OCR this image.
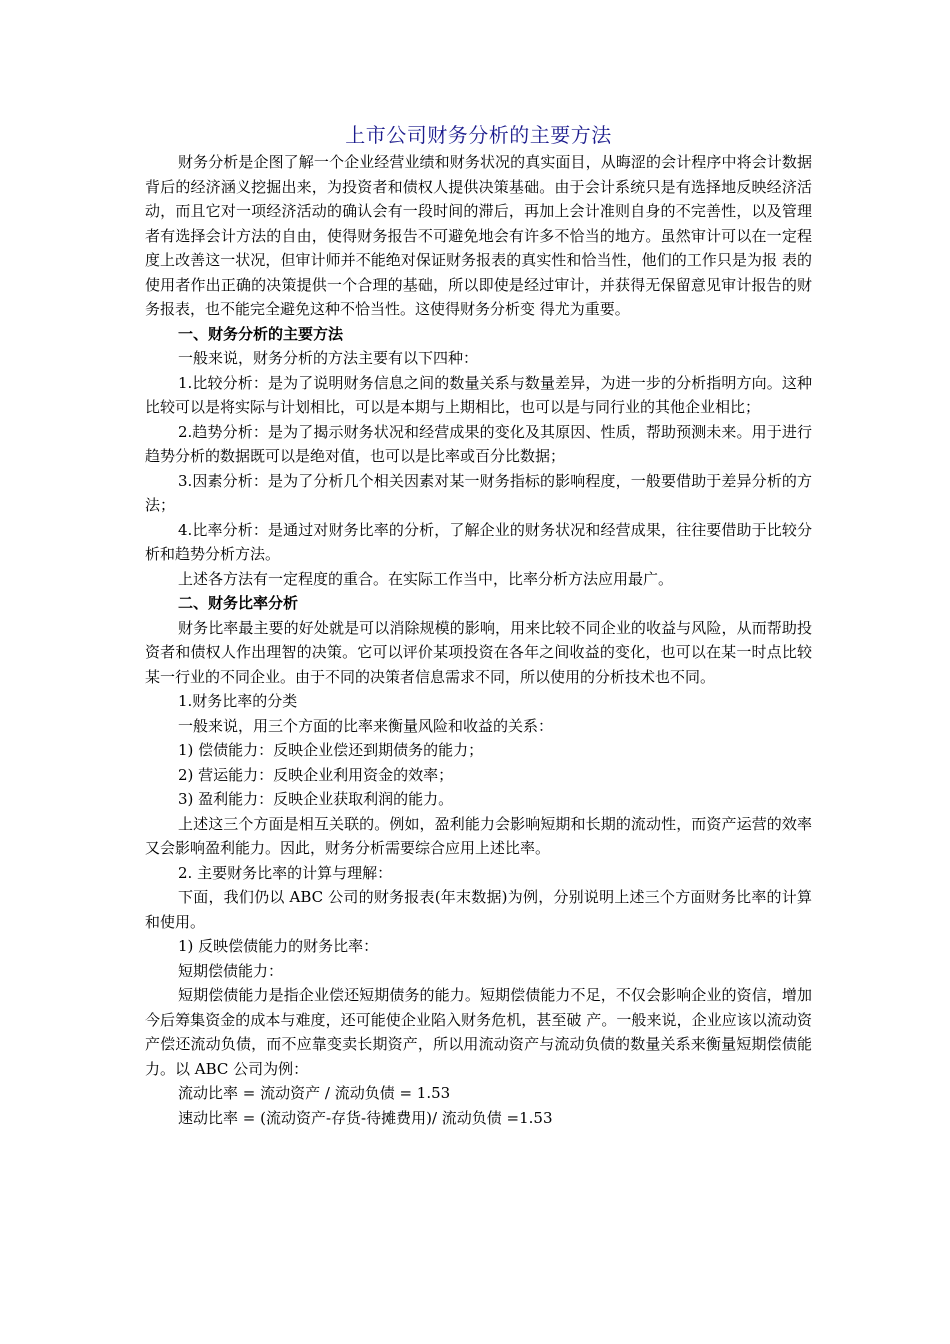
上市公司财务分析的主要方法

财务分析是企图了解一个企业经营业绩和财务状况的真实面目，从晦涩的会计程序中将会计数据背后的经济涵义挖掘出来，为投资者和债权人提供决策基础。由于会计系统只是有选择地反映经济活动，而且它对一项经济活动的确认会有一段时间的滞后，再加上会计准则自身的不完善性，以及管理者有选择会计方法的自由，使得财务报告不可避免地会有许多不恰当的地方。虽然审计可以在一定程度上改善这一状况，但审计师并不能绝对保证财务报表的真实性和恰当性，他们的工作只是为报 表的使用者作出正确的决策提供一个合理的基础，所以即使是经过审计，并获得无保留意见审计报告的财务报表，也不能完全避免这种不恰当性。这使得财务分析变 得尤为重要。

一、财务分析的主要方法

一般来说，财务分析的方法主要有以下四种：

1.比较分析：是为了说明财务信息之间的数量关系与数量差异，为进一步的分析指明方向。这种比较可以是将实际与计划相比，可以是本期与上期相比，也可以是与同行业的其他企业相比；

2.趋势分析：是为了揭示财务状况和经营成果的变化及其原因、性质，帮助预测未来。用于进行趋势分析的数据既可以是绝对值，也可以是比率或百分比数据；

3.因素分析：是为了分析几个相关因素对某一财务指标的影响程度，一般要借助于差异分析的方法；

4.比率分析：是通过对财务比率的分析，了解企业的财务状况和经营成果，往往要借助于比较分析和趋势分析方法。

上述各方法有一定程度的重合。在实际工作当中，比率分析方法应用最广。

二、财务比率分析

财务比率最主要的好处就是可以消除规模的影响，用来比较不同企业的收益与风险，从而帮助投资者和债权人作出理智的决策。它可以评价某项投资在各年之间收益的变化，也可以在某一时点比较某一行业的不同企业。由于不同的决策者信息需求不同，所以使用的分析技术也不同。

1.财务比率的分类

一般来说，用三个方面的比率来衡量风险和收益的关系：

1) 偿债能力：反映企业偿还到期债务的能力；

2) 营运能力：反映企业利用资金的效率；

3) 盈利能力：反映企业获取利润的能力。

上述这三个方面是相互关联的。例如，盈利能力会影响短期和长期的流动性，而资产运营的效率又会影响盈利能力。因此，财务分析需要综合应用上述比率。

2. 主要财务比率的计算与理解：

下面，我们仍以 ABC 公司的财务报表(年末数据)为例，分别说明上述三个方面财务比率的计算和使用。

1) 反映偿债能力的财务比率：

短期偿债能力：

短期偿债能力是指企业偿还短期债务的能力。短期偿债能力不足，不仅会影响企业的资信，增加今后筹集资金的成本与难度，还可能使企业陷入财务危机，甚至破 产。一般来说，企业应该以流动资产偿还流动负债，而不应靠变卖长期资产，所以用流动资产与流动负债的数量关系来衡量短期偿债能力。以 ABC 公司为例：

流动比率 = 流动资产 / 流动负债 = 1.53

速动比率 = (流动资产-存货-待摊费用)/ 流动负债 =1.53
